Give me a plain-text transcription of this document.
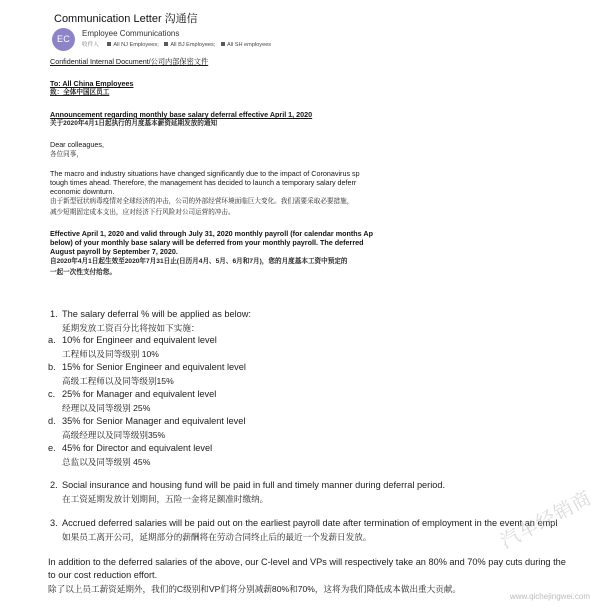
Communication Letter 沟通信
EC
Employee Communications
收件人	All NJ Employees; All BJ Employees; All SH employees
Confidential Internal Document/公司内部保密文件
To: All China Employees
致：全体中国区员工
Announcement regarding monthly base salary deferral effective April 1, 2020
关于2020年4月1日起执行的月度基本薪资延期发放的通知
Dear colleagues,
各位同事，
The macro and industry situations have changed significantly due to the impact of Coronavirus sp
tough times ahead. Therefore, the management has decided to launch a temporary salary deferr
economic downturn.
由于新型冠状病毒疫情对全球经济的冲击，公司的外部经营环境面临巨大变化。我们需要采取必要措施，
减少短期固定成本支出，应对经济下行风险对公司运营的冲击。
Effective April 1, 2020 and valid through July 31, 2020 monthly payroll (for calendar months Ap
below) of your monthly base salary will be deferred from your monthly payroll. The deferred
August payroll by September 7, 2020.
自2020年4月1日起生效至2020年7月31日止(日历月4月、5月、6月和7月)，您的月度基本工资中预定的
一起一次性支付给您。
1. The salary deferral % will be applied as below:
延期发放工资百分比将按如下实施：
a. 10% for Engineer and equivalent level
工程师以及同等级别 10%
b. 15% for Senior Engineer and equivalent level
高级工程师以及同等级别15%
c. 25% for Manager and equivalent level
经理以及同等级别 25%
d. 35% for Senior Manager and equivalent level
高级经理以及同等级别35%
e. 45% for Director and equivalent level
总监以及同等级别 45%
2. Social insurance and housing fund will be paid in full and timely manner during deferral period.
在工资延期发放计划期间，五险一金将足额准时缴纳。
3. Accrued deferred salaries will be paid out on the earliest payroll date after termination of employment in the event an empl
如果员工离开公司，延期部分的薪酬将在劳动合同终止后的最近一个发薪日发放。
In addition to the deferred salaries of the above, our C-level and VPs will respectively take an 80% and 70% pay cuts during the
to our cost reduction effort.
除了以上员工薪资延期外，我们的C级别和VP们将分别减薪80%和70%，这将为我们降低成本做出重大贡献。
汽车经销商
www.qichejingwei.com
